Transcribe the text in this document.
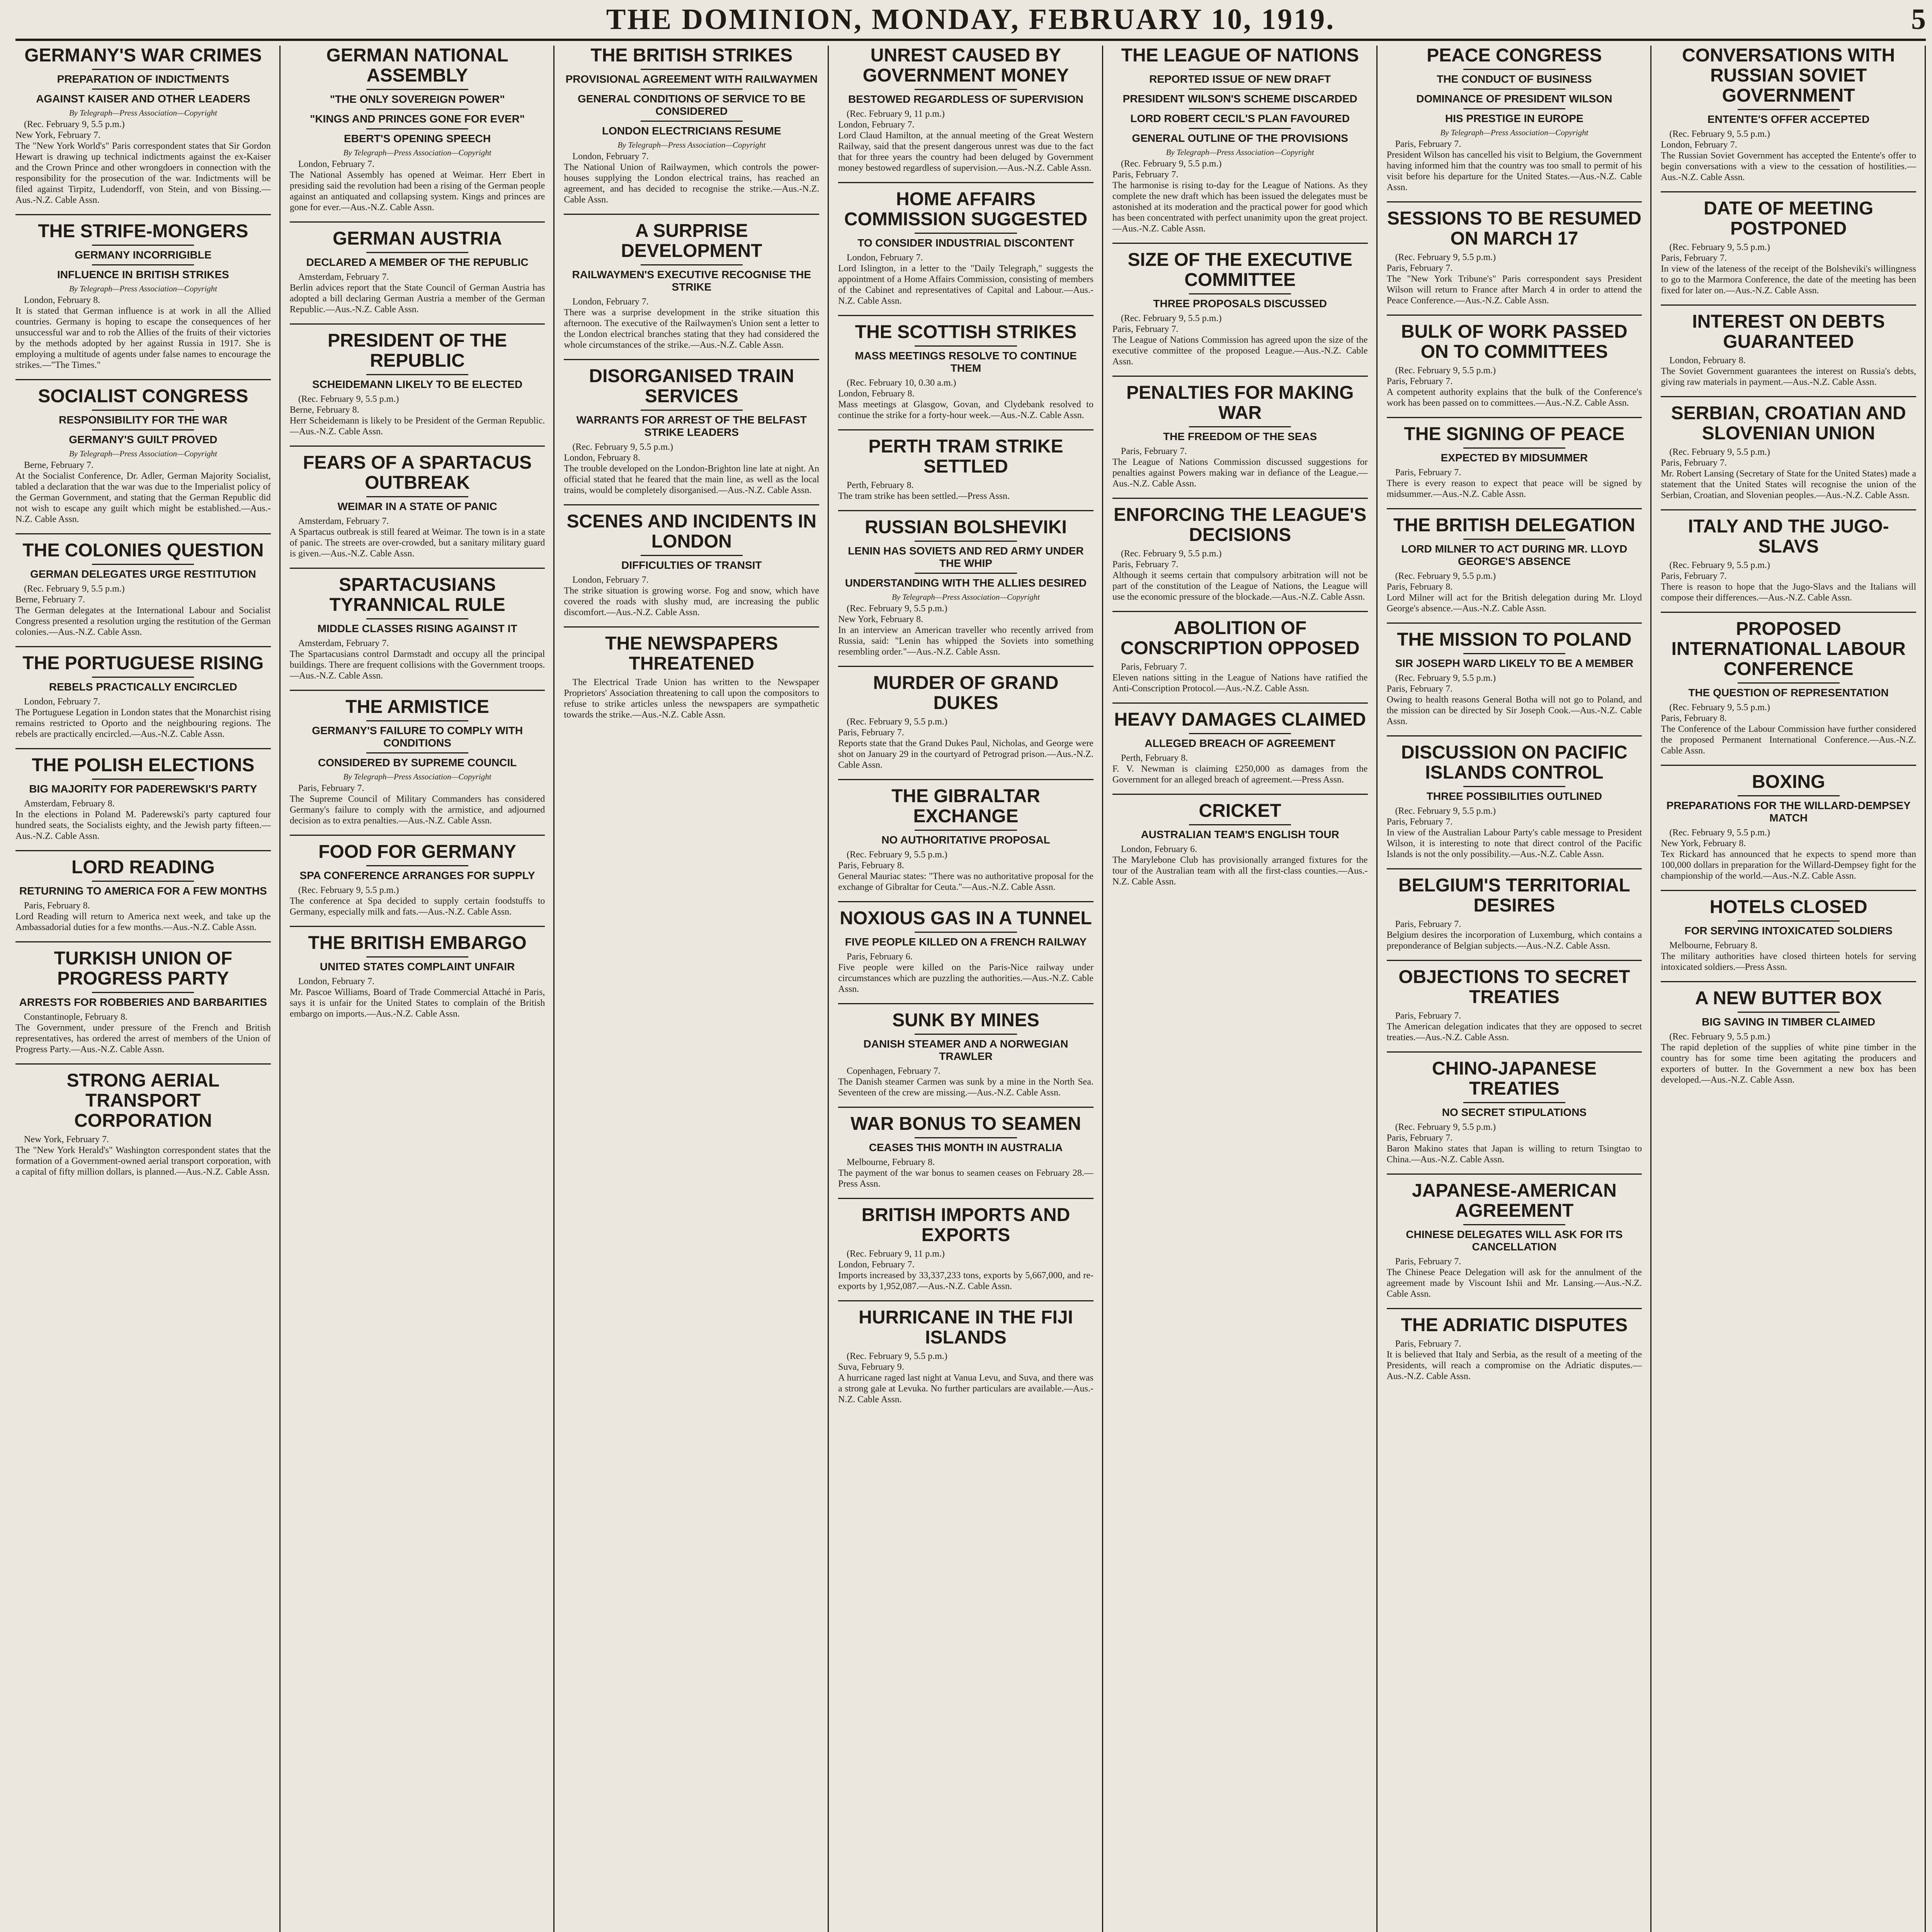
THE DOMINION, MONDAY, FEBRUARY 10, 1919.	5
GERMANY'S WAR CRIMES
PREPARATION OF INDICTMENTS
AGAINST KAISER AND OTHER LEADERS
By Telegraph—Press Association—Copyright

(Rec. February 9, 5.5 p.m.)
New York, February 7.
The "New York World's" Paris correspondent states that Sir Gordon Hewart is drawing up technical indictments against the ex-Kaiser and the Crown Prince and other wrongdoers in connection with the responsibility for the prosecution of the war. Indictments will be filed against Tirpitz, Ludendorff, von Stein, and von Bissing.—Aus.-N.Z. Cable Assn.

THE STRIFE-MONGERS
GERMANY INCORRIGIBLE
INFLUENCE IN BRITISH STRIKES
By Telegraph—Press Association—Copyright

London, February 8.
It is stated that German influence is at work in all the Allied countries. Germany is hoping to escape the consequences of her unsuccessful war and to rob the Allies of the fruits of their victories by the methods adopted by her against Russia in 1917. She is employing a multitude of agents under false names to encourage the strikes.—"The Times."

SOCIALIST CONGRESS
RESPONSIBILITY FOR THE WAR
GERMANY'S GUILT PROVED
By Telegraph—Press Association—Copyright

Berne, February 7.
At the Socialist Conference, Dr. Adler, German Majority Socialist, tabled a declaration that the war was due to the Imperialist policy of the German Government, and stating that the German Republic did not wish to escape any guilt which might be established.—Aus.-N.Z. Cable Assn.

THE COLONIES QUESTION
GERMAN DELEGATES URGE RESTITUTION

(Rec. February 9, 5.5 p.m.)
Berne, February 7.
The German delegates at the International Labour and Socialist Congress presented a resolution urging the restitution of the German colonies.—Aus.-N.Z. Cable Assn.

THE PORTUGUESE RISING
REBELS PRACTICALLY ENCIRCLED

London, February 7.
The Portuguese Legation in London states that the Monarchist rising remains restricted to Oporto and the neighbouring regions. The rebels are practically encircled.—Aus.-N.Z. Cable Assn.

THE POLISH ELECTIONS
BIG MAJORITY FOR PADEREWSKI'S PARTY

Amsterdam, February 8.
In the elections in Poland M. Paderewski's party captured four hundred seats, the Socialists eighty, and the Jewish party fifteen.—Aus.-N.Z. Cable Assn.

LORD READING
RETURNING TO AMERICA FOR A FEW MONTHS

Paris, February 8.
Lord Reading will return to America next week, and take up the Ambassadorial duties for a few months.—Aus.-N.Z. Cable Assn.

TURKISH UNION OF PROGRESS PARTY
ARRESTS FOR ROBBERIES AND BARBARITIES

Constantinople, February 8.
The Government, under pressure of the French and British representatives, has ordered the arrest of members of the Union of Progress Party.—Aus.-N.Z. Cable Assn.

STRONG AERIAL TRANSPORT CORPORATION

New York, February 7.
The "New York Herald's" Washington correspondent states that the formation of a Government-owned aerial transport corporation, with a capital of fifty million dollars, is planned.—Aus.-N.Z. Cable Assn.

GERMAN NATIONAL ASSEMBLY
"THE ONLY SOVEREIGN POWER"
"KINGS AND PRINCES GONE FOR EVER"
EBERT'S OPENING SPEECH
By Telegraph—Press Association—Copyright

London, February 7.
The National Assembly has opened at Weimar. Herr Ebert in presiding said the revolution had been a rising of the German people against an antiquated and collapsing system. Kings and princes are gone for ever.—Aus.-N.Z. Cable Assn.

GERMAN AUSTRIA
DECLARED A MEMBER OF THE REPUBLIC

Amsterdam, February 7.
Berlin advices report that the State Council of German Austria has adopted a bill declaring German Austria a member of the German Republic.—Aus.-N.Z. Cable Assn.

PRESIDENT OF THE REPUBLIC
SCHEIDEMANN LIKELY TO BE ELECTED

(Rec. February 9, 5.5 p.m.)
Berne, February 8.
Herr Scheidemann is likely to be President of the German Republic.—Aus.-N.Z. Cable Assn.

FEARS OF A SPARTACUS OUTBREAK
WEIMAR IN A STATE OF PANIC

Amsterdam, February 7.
A Spartacus outbreak is still feared at Weimar. The town is in a state of panic. The streets are over-crowded, but a sanitary military guard is given.—Aus.-N.Z. Cable Assn.

SPARTACUSIANS TYRANNICAL RULE
MIDDLE CLASSES RISING AGAINST IT

Amsterdam, February 7.
The Spartacusians control Darmstadt and occupy all the principal buildings. There are frequent collisions with the Government troops.—Aus.-N.Z. Cable Assn.

THE ARMISTICE
GERMANY'S FAILURE TO COMPLY WITH CONDITIONS
CONSIDERED BY SUPREME COUNCIL
By Telegraph—Press Association—Copyright

Paris, February 7.
The Supreme Council of Military Commanders has considered Germany's failure to comply with the armistice, and adjourned decision as to extra penalties.—Aus.-N.Z. Cable Assn.

FOOD FOR GERMANY
SPA CONFERENCE ARRANGES FOR SUPPLY

(Rec. February 9, 5.5 p.m.)
The conference at Spa decided to supply certain foodstuffs to Germany, especially milk and fats.—Aus.-N.Z. Cable Assn.

THE BRITISH EMBARGO
UNITED STATES COMPLAINT UNFAIR

London, February 7.
Mr. Pascoe Williams, Board of Trade Commercial Attaché in Paris, says it is unfair for the United States to complain of the British embargo on imports.—Aus.-N.Z. Cable Assn.

THE BRITISH STRIKES
PROVISIONAL AGREEMENT WITH RAILWAYMEN
GENERAL CONDITIONS OF SERVICE TO BE CONSIDERED
LONDON ELECTRICIANS RESUME
By Telegraph—Press Association—Copyright

London, February 7.
The National Union of Railwaymen, which controls the power-houses supplying the London electrical trains, has reached an agreement, and has decided to recognise the strike.—Aus.-N.Z. Cable Assn.

A SURPRISE DEVELOPMENT
RAILWAYMEN'S EXECUTIVE RECOGNISE THE STRIKE

London, February 7.
There was a surprise development in the strike situation this afternoon. The executive of the Railwaymen's Union sent a letter to the London electrical branches stating that they had considered the whole circumstances of the strike.—Aus.-N.Z. Cable Assn.

DISORGANISED TRAIN SERVICES
WARRANTS FOR ARREST OF THE BELFAST STRIKE LEADERS

(Rec. February 9, 5.5 p.m.)
London, February 8.
The trouble developed on the London-Brighton line late at night. An official stated that he feared that the main line, as well as the local trains, would be completely disorganised.—Aus.-N.Z. Cable Assn.

SCENES AND INCIDENTS IN LONDON
DIFFICULTIES OF TRANSIT

London, February 7.
The strike situation is growing worse. Fog and snow, which have covered the roads with slushy mud, are increasing the public discomfort.—Aus.-N.Z. Cable Assn.

THE NEWSPAPERS THREATENED

The Electrical Trade Union has written to the Newspaper Proprietors' Association threatening to call upon the compositors to refuse to strike articles unless the newspapers are sympathetic towards the strike.—Aus.-N.Z. Cable Assn.

UNREST CAUSED BY GOVERNMENT MONEY
BESTOWED REGARDLESS OF SUPERVISION

(Rec. February 9, 11 p.m.)
London, February 7.
Lord Claud Hamilton, at the annual meeting of the Great Western Railway, said that the present dangerous unrest was due to the fact that for three years the country had been deluged by Government money bestowed regardless of supervision.—Aus.-N.Z. Cable Assn.

HOME AFFAIRS COMMISSION SUGGESTED
TO CONSIDER INDUSTRIAL DISCONTENT

London, February 7.
Lord Islington, in a letter to the "Daily Telegraph," suggests the appointment of a Home Affairs Commission, consisting of members of the Cabinet and representatives of Capital and Labour.—Aus.-N.Z. Cable Assn.

THE SCOTTISH STRIKES
MASS MEETINGS RESOLVE TO CONTINUE THEM

(Rec. February 10, 0.30 a.m.)
London, February 8.
Mass meetings at Glasgow, Govan, and Clydebank resolved to continue the strike for a forty-hour week.—Aus.-N.Z. Cable Assn.

PERTH TRAM STRIKE SETTLED

Perth, February 8.
The tram strike has been settled.—Press Assn.

RUSSIAN BOLSHEVIKI
LENIN HAS SOVIETS AND RED ARMY UNDER THE WHIP
UNDERSTANDING WITH THE ALLIES DESIRED
By Telegraph—Press Association—Copyright

(Rec. February 9, 5.5 p.m.)
New York, February 8.
In an interview an American traveller who recently arrived from Russia, said: "Lenin has whipped the Soviets into something resembling order."—Aus.-N.Z. Cable Assn.

MURDER OF GRAND DUKES

(Rec. February 9, 5.5 p.m.)
Paris, February 7.
Reports state that the Grand Dukes Paul, Nicholas, and George were shot on January 29 in the courtyard of Petrograd prison.—Aus.-N.Z. Cable Assn.

THE GIBRALTAR EXCHANGE
NO AUTHORITATIVE PROPOSAL

(Rec. February 9, 5.5 p.m.)
Paris, February 8.
General Mauriac states: "There was no authoritative proposal for the exchange of Gibraltar for Ceuta."—Aus.-N.Z. Cable Assn.

NOXIOUS GAS IN A TUNNEL
FIVE PEOPLE KILLED ON A FRENCH RAILWAY

Paris, February 6.
Five people were killed on the Paris-Nice railway under circumstances which are puzzling the authorities.—Aus.-N.Z. Cable Assn.

SUNK BY MINES
DANISH STEAMER AND A NORWEGIAN TRAWLER

Copenhagen, February 7.
The Danish steamer Carmen was sunk by a mine in the North Sea. Seventeen of the crew are missing.—Aus.-N.Z. Cable Assn.

WAR BONUS TO SEAMEN
CEASES THIS MONTH IN AUSTRALIA

Melbourne, February 8.
The payment of the war bonus to seamen ceases on February 28.—Press Assn.

BRITISH IMPORTS AND EXPORTS

(Rec. February 9, 11 p.m.)
London, February 7.
Imports increased by 33,337,233 tons, exports by 5,667,000, and re-exports by 1,952,087.—Aus.-N.Z. Cable Assn.

HURRICANE IN THE FIJI ISLANDS

(Rec. February 9, 5.5 p.m.)
Suva, February 9.
A hurricane raged last night at Vanua Levu, and Suva, and there was a strong gale at Levuka. No further particulars are available.—Aus.-N.Z. Cable Assn.

THE LEAGUE OF NATIONS
REPORTED ISSUE OF NEW DRAFT
PRESIDENT WILSON'S SCHEME DISCARDED
LORD ROBERT CECIL'S PLAN FAVOURED
GENERAL OUTLINE OF THE PROVISIONS
By Telegraph—Press Association—Copyright

(Rec. February 9, 5.5 p.m.)
Paris, February 7.
The harmonise is rising to-day for the League of Nations. As they complete the new draft which has been issued the delegates must be astonished at its moderation and the practical power for good which has been concentrated with perfect unanimity upon the great project.—Aus.-N.Z. Cable Assn.

SIZE OF THE EXECUTIVE COMMITTEE
THREE PROPOSALS DISCUSSED

(Rec. February 9, 5.5 p.m.)
Paris, February 7.
The League of Nations Commission has agreed upon the size of the executive committee of the proposed League.—Aus.-N.Z. Cable Assn.

PENALTIES FOR MAKING WAR
THE FREEDOM OF THE SEAS

Paris, February 7.
The League of Nations Commission discussed suggestions for penalties against Powers making war in defiance of the League.—Aus.-N.Z. Cable Assn.

ENFORCING THE LEAGUE'S DECISIONS

(Rec. February 9, 5.5 p.m.)
Paris, February 7.
Although it seems certain that compulsory arbitration will not be part of the constitution of the League of Nations, the League will use the economic pressure of the blockade.—Aus.-N.Z. Cable Assn.

ABOLITION OF CONSCRIPTION OPPOSED

Paris, February 7.
Eleven nations sitting in the League of Nations have ratified the Anti-Conscription Protocol.—Aus.-N.Z. Cable Assn.

HEAVY DAMAGES CLAIMED
ALLEGED BREACH OF AGREEMENT

Perth, February 8.
F. V. Newman is claiming £250,000 as damages from the Government for an alleged breach of agreement.—Press Assn.

CRICKET
AUSTRALIAN TEAM'S ENGLISH TOUR

London, February 6.
The Marylebone Club has provisionally arranged fixtures for the tour of the Australian team with all the first-class counties.—Aus.-N.Z. Cable Assn.

PEACE CONGRESS
THE CONDUCT OF BUSINESS
DOMINANCE OF PRESIDENT WILSON
HIS PRESTIGE IN EUROPE
By Telegraph—Press Association—Copyright

Paris, February 7.
President Wilson has cancelled his visit to Belgium, the Government having informed him that the country was too small to permit of his visit before his departure for the United States.—Aus.-N.Z. Cable Assn.

SESSIONS TO BE RESUMED ON MARCH 17

(Rec. February 9, 5.5 p.m.)
Paris, February 7.
The "New York Tribune's" Paris correspondent says President Wilson will return to France after March 4 in order to attend the Peace Conference.—Aus.-N.Z. Cable Assn.

BULK OF WORK PASSED ON TO COMMITTEES

(Rec. February 9, 5.5 p.m.)
Paris, February 7.
A competent authority explains that the bulk of the Conference's work has been passed on to committees.—Aus.-N.Z. Cable Assn.

THE SIGNING OF PEACE
EXPECTED BY MIDSUMMER

Paris, February 7.
There is every reason to expect that peace will be signed by midsummer.—Aus.-N.Z. Cable Assn.

THE BRITISH DELEGATION
LORD MILNER TO ACT DURING MR. LLOYD GEORGE'S ABSENCE

(Rec. February 9, 5.5 p.m.)
Paris, February 8.
Lord Milner will act for the British delegation during Mr. Lloyd George's absence.—Aus.-N.Z. Cable Assn.

THE MISSION TO POLAND
SIR JOSEPH WARD LIKELY TO BE A MEMBER

(Rec. February 9, 5.5 p.m.)
Paris, February 7.
Owing to health reasons General Botha will not go to Poland, and the mission can be directed by Sir Joseph Cook.—Aus.-N.Z. Cable Assn.

DISCUSSION ON PACIFIC ISLANDS CONTROL
THREE POSSIBILITIES OUTLINED

(Rec. February 9, 5.5 p.m.)
Paris, February 7.
In view of the Australian Labour Party's cable message to President Wilson, it is interesting to note that direct control of the Pacific Islands is not the only possibility.—Aus.-N.Z. Cable Assn.

BELGIUM'S TERRITORIAL DESIRES

Paris, February 7.
Belgium desires the incorporation of Luxemburg, which contains a preponderance of Belgian subjects.—Aus.-N.Z. Cable Assn.

OBJECTIONS TO SECRET TREATIES

Paris, February 7.
The American delegation indicates that they are opposed to secret treaties.—Aus.-N.Z. Cable Assn.

CHINO-JAPANESE TREATIES
NO SECRET STIPULATIONS

(Rec. February 9, 5.5 p.m.)
Paris, February 7.
Baron Makino states that Japan is willing to return Tsingtao to China.—Aus.-N.Z. Cable Assn.

JAPANESE-AMERICAN AGREEMENT
CHINESE DELEGATES WILL ASK FOR ITS CANCELLATION

Paris, February 7.
The Chinese Peace Delegation will ask for the annulment of the agreement made by Viscount Ishii and Mr. Lansing.—Aus.-N.Z. Cable Assn.

THE ADRIATIC DISPUTES

Paris, February 7.
It is believed that Italy and Serbia, as the result of a meeting of the Presidents, will reach a compromise on the Adriatic disputes.—Aus.-N.Z. Cable Assn.

CONVERSATIONS WITH RUSSIAN SOVIET GOVERNMENT
ENTENTE'S OFFER ACCEPTED

(Rec. February 9, 5.5 p.m.)
London, February 7.
The Russian Soviet Government has accepted the Entente's offer to begin conversations with a view to the cessation of hostilities.—Aus.-N.Z. Cable Assn.

DATE OF MEETING POSTPONED

(Rec. February 9, 5.5 p.m.)
Paris, February 7.
In view of the lateness of the receipt of the Bolsheviki's willingness to go to the Marmora Conference, the date of the meeting has been fixed for later on.—Aus.-N.Z. Cable Assn.

INTEREST ON DEBTS GUARANTEED

London, February 8.
The Soviet Government guarantees the interest on Russia's debts, giving raw materials in payment.—Aus.-N.Z. Cable Assn.

SERBIAN, CROATIAN AND SLOVENIAN UNION

(Rec. February 9, 5.5 p.m.)
Paris, February 7.
Mr. Robert Lansing (Secretary of State for the United States) made a statement that the United States will recognise the union of the Serbian, Croatian, and Slovenian peoples.—Aus.-N.Z. Cable Assn.

ITALY AND THE JUGO-SLAVS

(Rec. February 9, 5.5 p.m.)
Paris, February 7.
There is reason to hope that the Jugo-Slavs and the Italians will compose their differences.—Aus.-N.Z. Cable Assn.

PROPOSED INTERNATIONAL LABOUR CONFERENCE
THE QUESTION OF REPRESENTATION

(Rec. February 9, 5.5 p.m.)
Paris, February 8.
The Conference of the Labour Commission have further considered the proposed Permanent International Conference.—Aus.-N.Z. Cable Assn.

BOXING
PREPARATIONS FOR THE WILLARD-DEMPSEY MATCH

(Rec. February 9, 5.5 p.m.)
New York, February 8.
Tex Rickard has announced that he expects to spend more than 100,000 dollars in preparation for the Willard-Dempsey fight for the championship of the world.—Aus.-N.Z. Cable Assn.

HOTELS CLOSED
FOR SERVING INTOXICATED SOLDIERS

Melbourne, February 8.
The military authorities have closed thirteen hotels for serving intoxicated soldiers.—Press Assn.

A NEW BUTTER BOX
BIG SAVING IN TIMBER CLAIMED

(Rec. February 9, 5.5 p.m.)
The rapid depletion of the supplies of white pine timber in the country has for some time been agitating the producers and exporters of butter. In the Government a new box has been developed.—Aus.-N.Z. Cable Assn.
